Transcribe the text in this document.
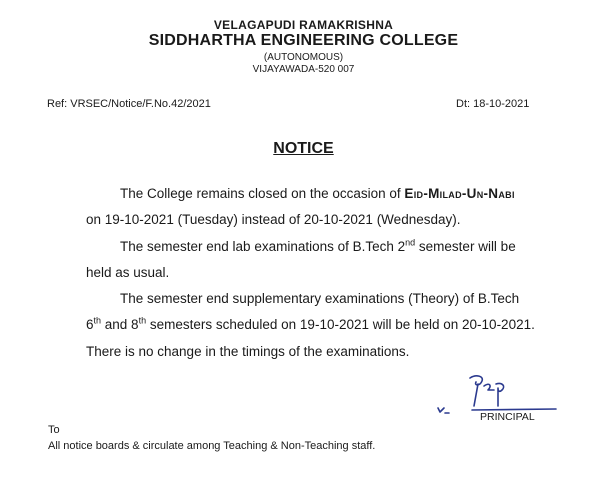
VELAGAPUDI RAMAKRISHNA
SIDDHARTHA ENGINEERING COLLEGE
(AUTONOMOUS)
VIJAYAWADA-520 007
Ref: VRSEC/Notice/F.No.42/2021	Dt: 18-10-2021
NOTICE
The College remains closed on the occasion of Eid-Milad-Un-Nabi
on 19-10-2021 (Tuesday) instead of 20-10-2021 (Wednesday).
The semester end lab examinations of B.Tech 2nd semester will be
held as usual.
The semester end supplementary examinations (Theory) of B.Tech
6th and 8th semesters scheduled on 19-10-2021 will be held on 20-10-2021.
There is no change in the timings of the examinations.
PRINCIPAL
To
All notice boards & circulate among Teaching & Non-Teaching staff.
